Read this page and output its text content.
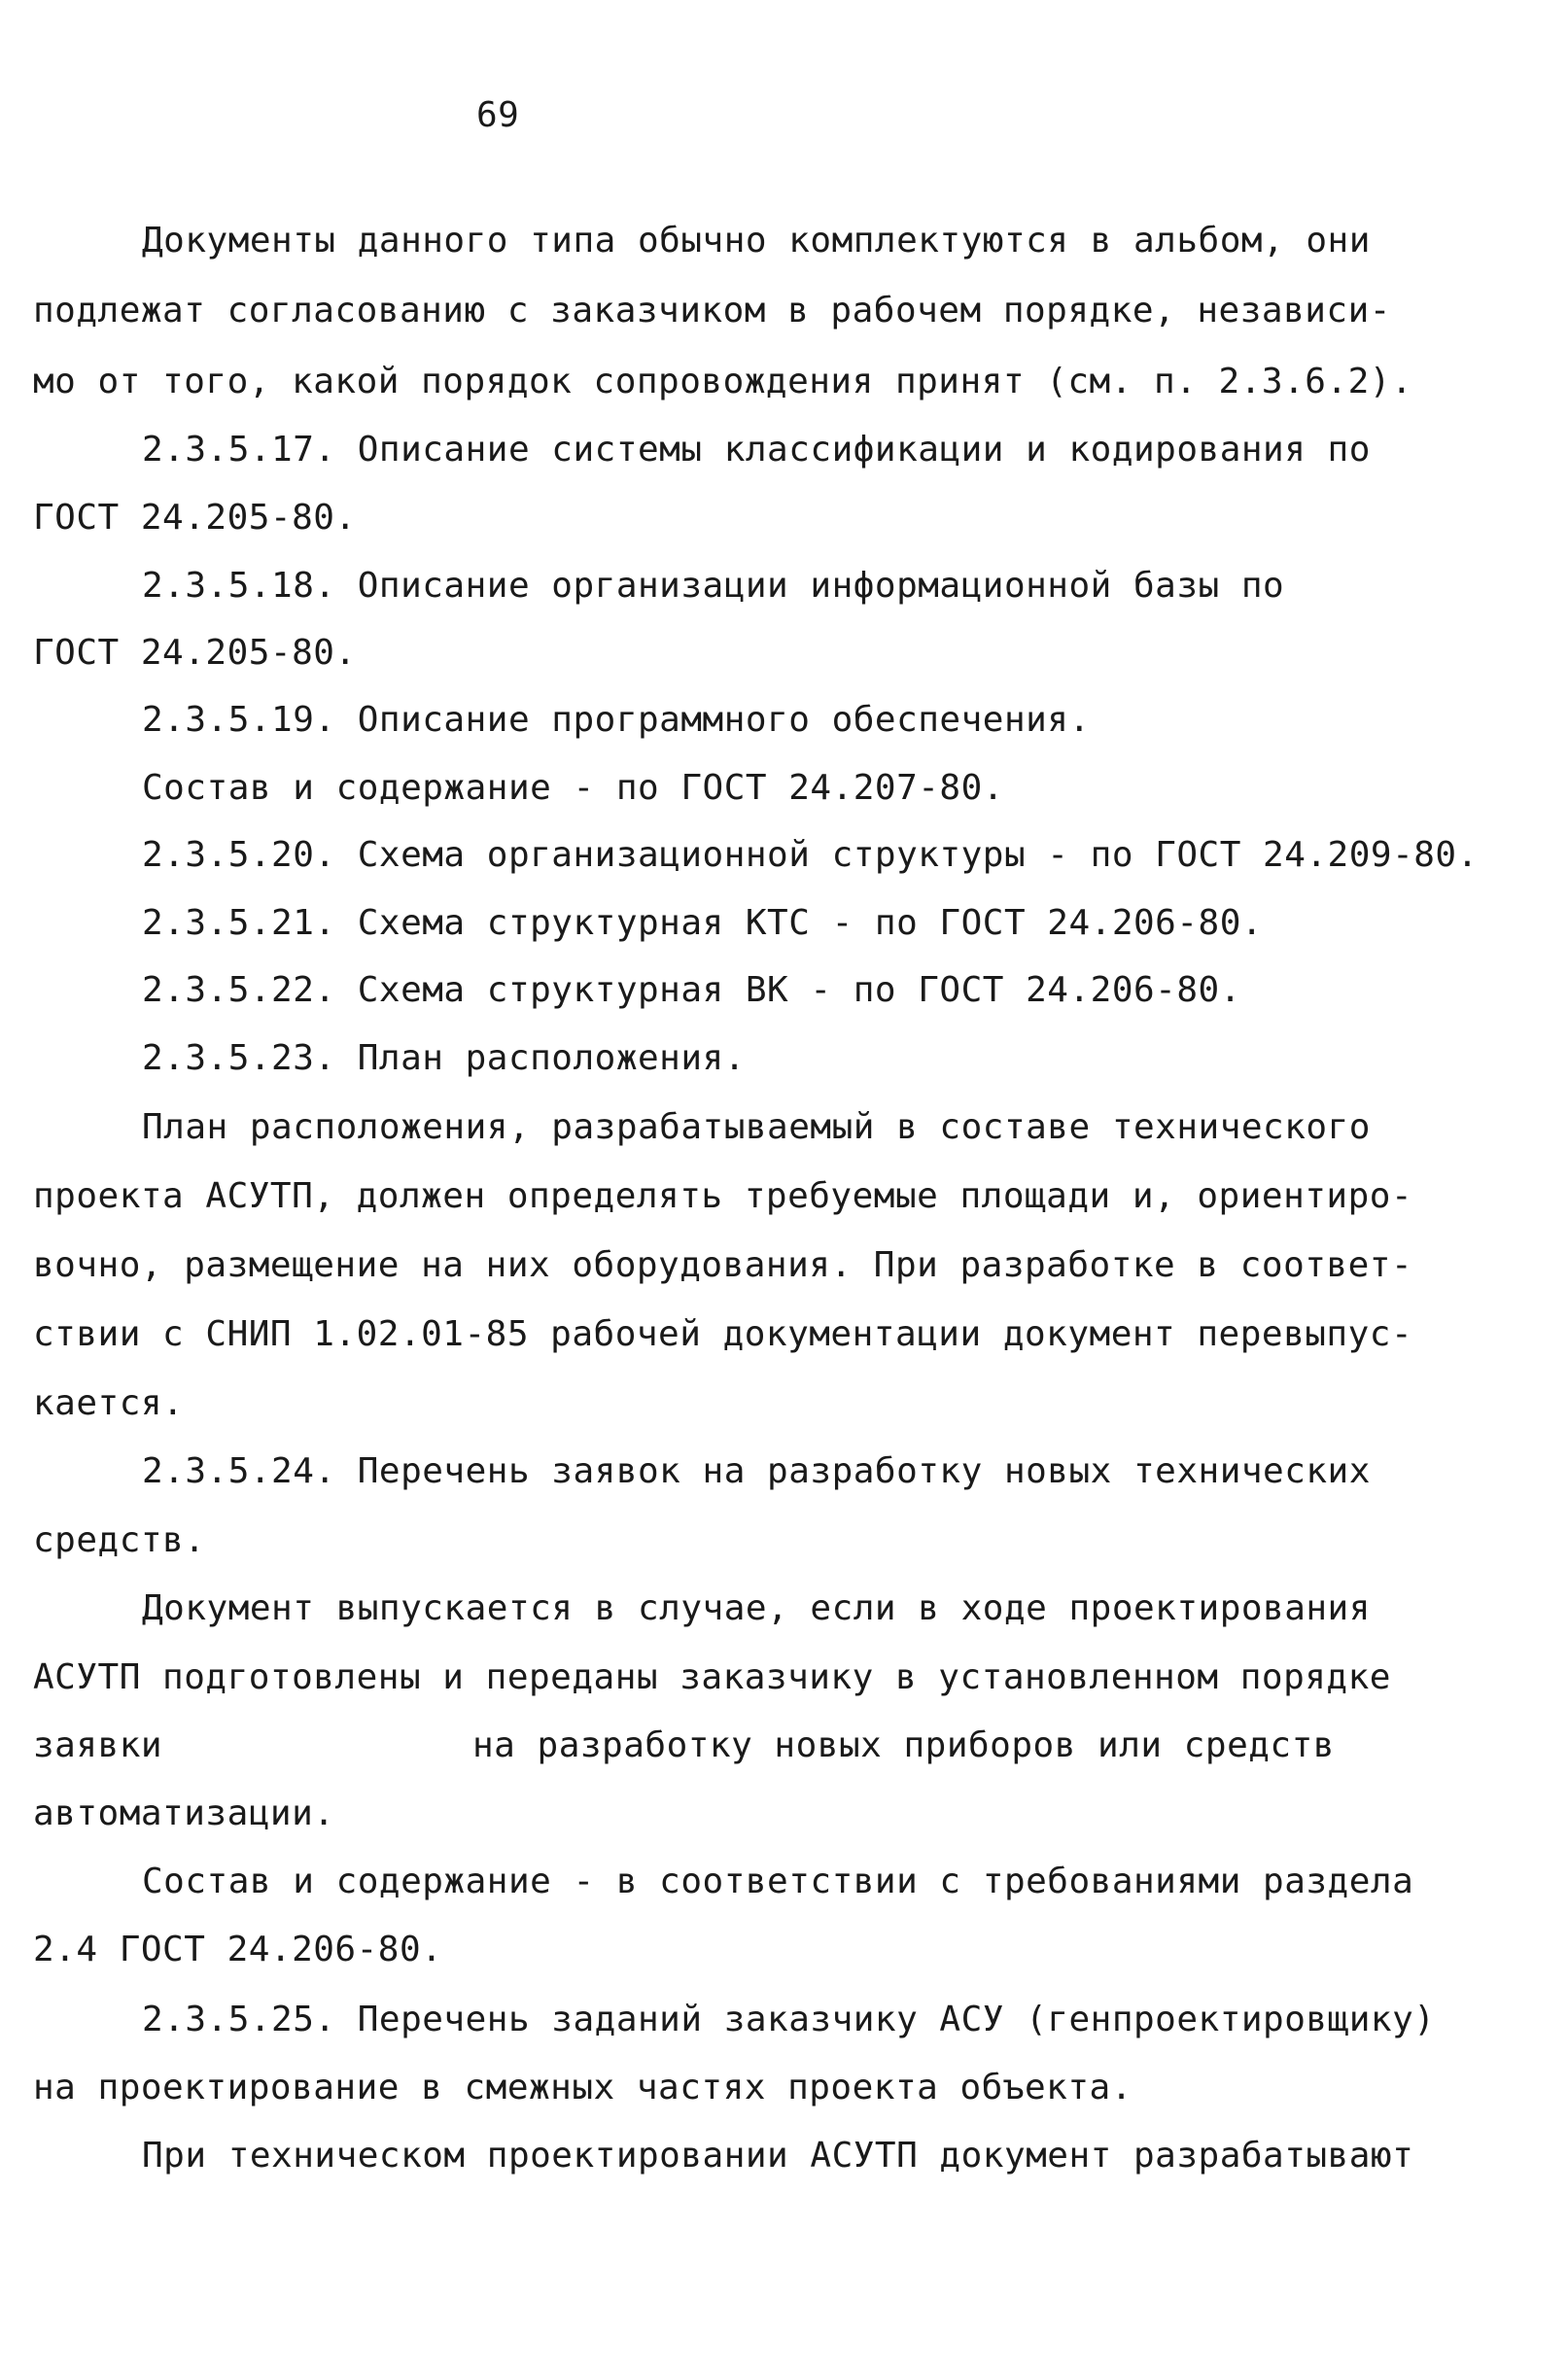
69
Документы данного типа обычно комплектуются в альбом, они
подлежат согласованию с заказчиком в рабочем порядке, независи-
мо от того, какой порядок сопровождения принят (см. п. 2.3.6.2).
2.3.5.17. Описание системы классификации и кодирования по
ГОСТ 24.205-80.
2.3.5.18. Описание организации информационной базы по
ГОСТ 24.205-80.
2.3.5.19. Описание программного обеспечения.
Состав и содержание - по ГОСТ 24.207-80.
2.3.5.20. Схема организационной структуры - по ГОСТ 24.209-80.
2.3.5.21. Схема структурная КТС - по ГОСТ 24.206-80.
2.3.5.22. Схема структурная ВК - по ГОСТ 24.206-80.
2.3.5.23. План расположения.
План расположения, разрабатываемый в составе технического
проекта АСУТП, должен определять требуемые площади и, ориентиро-
вочно, размещение на них оборудования. При разработке в соответ-
ствии с СНИП 1.02.01-85 рабочей документации документ перевыпус-
кается.
2.3.5.24. Перечень заявок на разработку новых технических
средств.
Документ выпускается в случае, если в ходе проектирования
АСУТП подготовлены и переданы заказчику в установленном порядке
заявки	на разработку новых приборов или средств
автоматизации.
Состав и содержание - в соответствии с требованиями раздела
2.4 ГОСТ 24.206-80.
2.3.5.25. Перечень заданий заказчику АСУ (генпроектировщику)
на проектирование в смежных частях проекта объекта.
При техническом проектировании АСУТП документ разрабатывают
